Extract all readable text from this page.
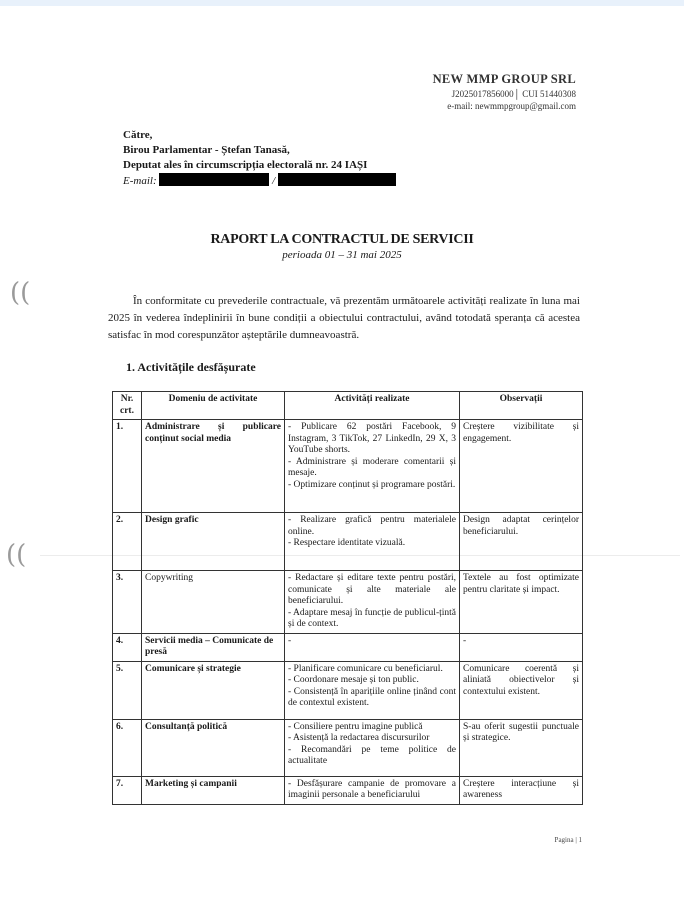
NEW MMP GROUP SRL
J2025017856000│ CUI 51440308
e-mail: newmmpgroup@gmail.com
Către,
Birou Parlamentar - Ștefan Tanasă,
Deputat ales în circumscripția electorală nr. 24 IAȘI
E-mail:	/
RAPORT LA CONTRACTUL DE SERVICII
perioada 01 – 31 mai 2025
((
((
În conformitate cu prevederile contractuale, vă prezentăm următoarele activități realizate în luna mai 2025 în vederea îndeplinirii în bune condiții a obiectului contractului, având totodată speranța că acestea satisfac în mod corespunzător așteptările dumneavoastră.
1. Activitățile desfășurate
Nr. crt.	Domeniu de activitate	Activități realizate	Observații
1.	Administrare și publicare conținut social media	- Publicare 62 postări Facebook, 9 Instagram, 3 TikTok, 27 LinkedIn, 29 X, 3 YouTube shorts.
- Administrare și moderare comentarii și mesaje.
- Optimizare conținut și programare postări.	Creștere vizibilitate și engagement.
2.	Design grafic	- Realizare grafică pentru materialele online.
- Respectare identitate vizuală.	Design adaptat cerințelor beneficiarului.
3.	Copywriting	- Redactare și editare texte pentru postări, comunicate și alte materiale ale beneficiarului.
- Adaptare mesaj în funcție de publicul-țintă și de context.	Textele au fost optimizate pentru claritate și impact.
4.	Servicii media – Comunicate de presă	-	-
5.	Comunicare și strategie	- Planificare comunicare cu beneficiarul.
- Coordonare mesaje și ton public.
- Consistență în aparițiile online ținând cont de contextul existent.	Comunicare coerentă și aliniată obiectivelor și contextului existent.
6.	Consultanță politică	- Consiliere pentru imagine publică
- Asistență la redactarea discursurilor
- Recomandări pe teme politice de actualitate	S-au oferit sugestii punctuale și strategice.
7.	Marketing și campanii	- Desfășurare campanie de promovare a imaginii personale a beneficiarului	Creștere interacțiune și awareness
Pagina | 1
